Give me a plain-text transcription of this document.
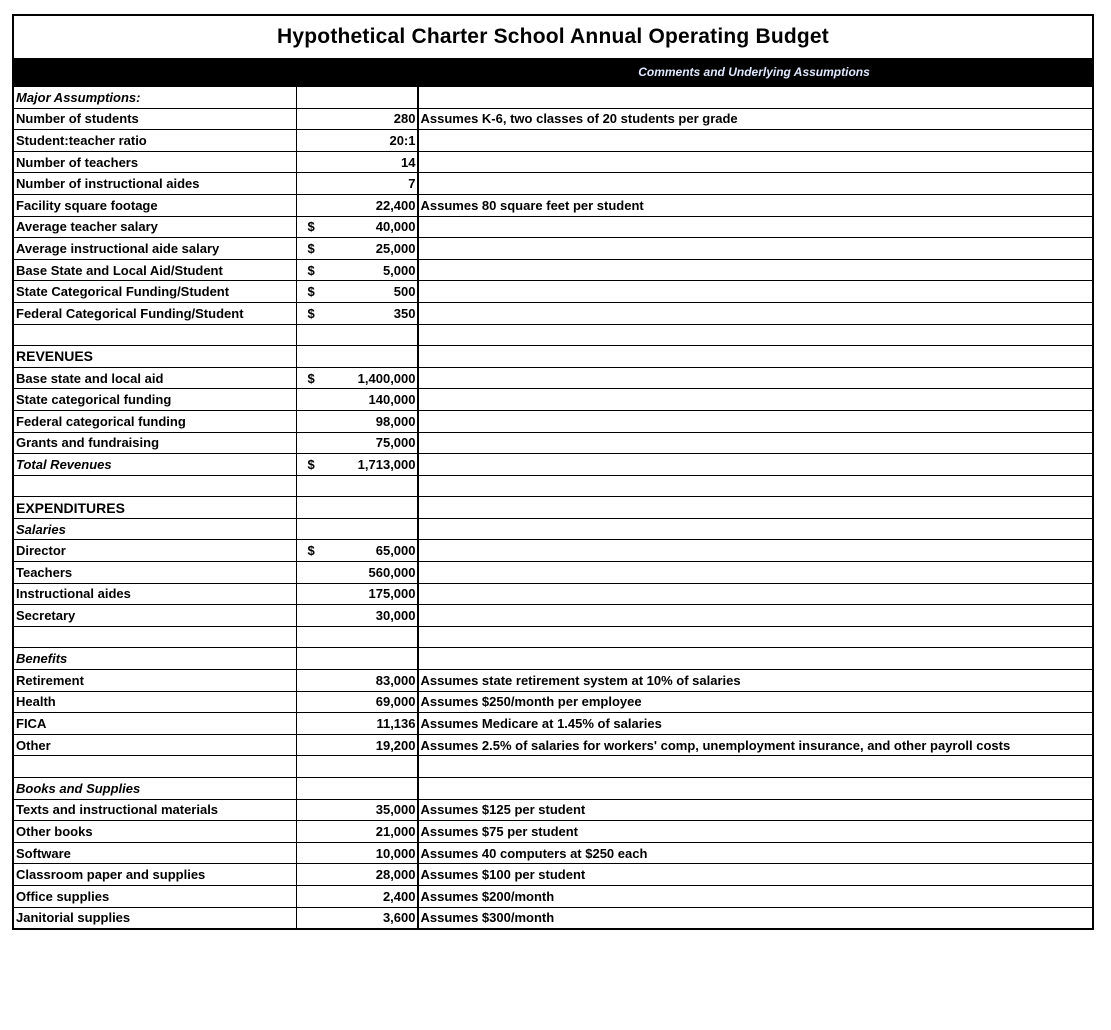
Hypothetical Charter School Annual Operating Budget
Comments and Underlying Assumptions
Major Assumptions:			
Number of students		280	Assumes K-6, two classes of 20 students per grade
Student:teacher ratio		20:1	
Number of teachers		14	
Number of instructional aides		7	
Facility square footage		22,400	Assumes 80 square feet per student
Average teacher salary	$	40,000	
Average instructional aide salary	$	25,000	
Base State and Local Aid/Student	$	5,000	
State Categorical Funding/Student	$	500	
Federal Categorical Funding/Student	$	350	

REVENUES			
Base state and local aid	$	1,400,000	
State categorical funding		140,000	
Federal categorical funding		98,000	
Grants and fundraising		75,000	
Total Revenues	$	1,713,000	

EXPENDITURES			
Salaries			
Director	$	65,000	
Teachers		560,000	
Instructional aides		175,000	
Secretary		30,000	

Benefits			
Retirement		83,000	Assumes state retirement system at 10% of salaries
Health		69,000	Assumes $250/month per employee
FICA		11,136	Assumes Medicare at 1.45% of salaries
Other		19,200	Assumes 2.5% of salaries for workers' comp, unemployment insurance, and other payroll costs

Books and Supplies			
Texts and instructional materials		35,000	Assumes $125 per student
Other books		21,000	Assumes $75 per student
Software		10,000	Assumes 40 computers at $250 each
Classroom paper and supplies		28,000	Assumes $100 per student
Office supplies		2,400	Assumes $200/month
Janitorial supplies		3,600	Assumes $300/month
